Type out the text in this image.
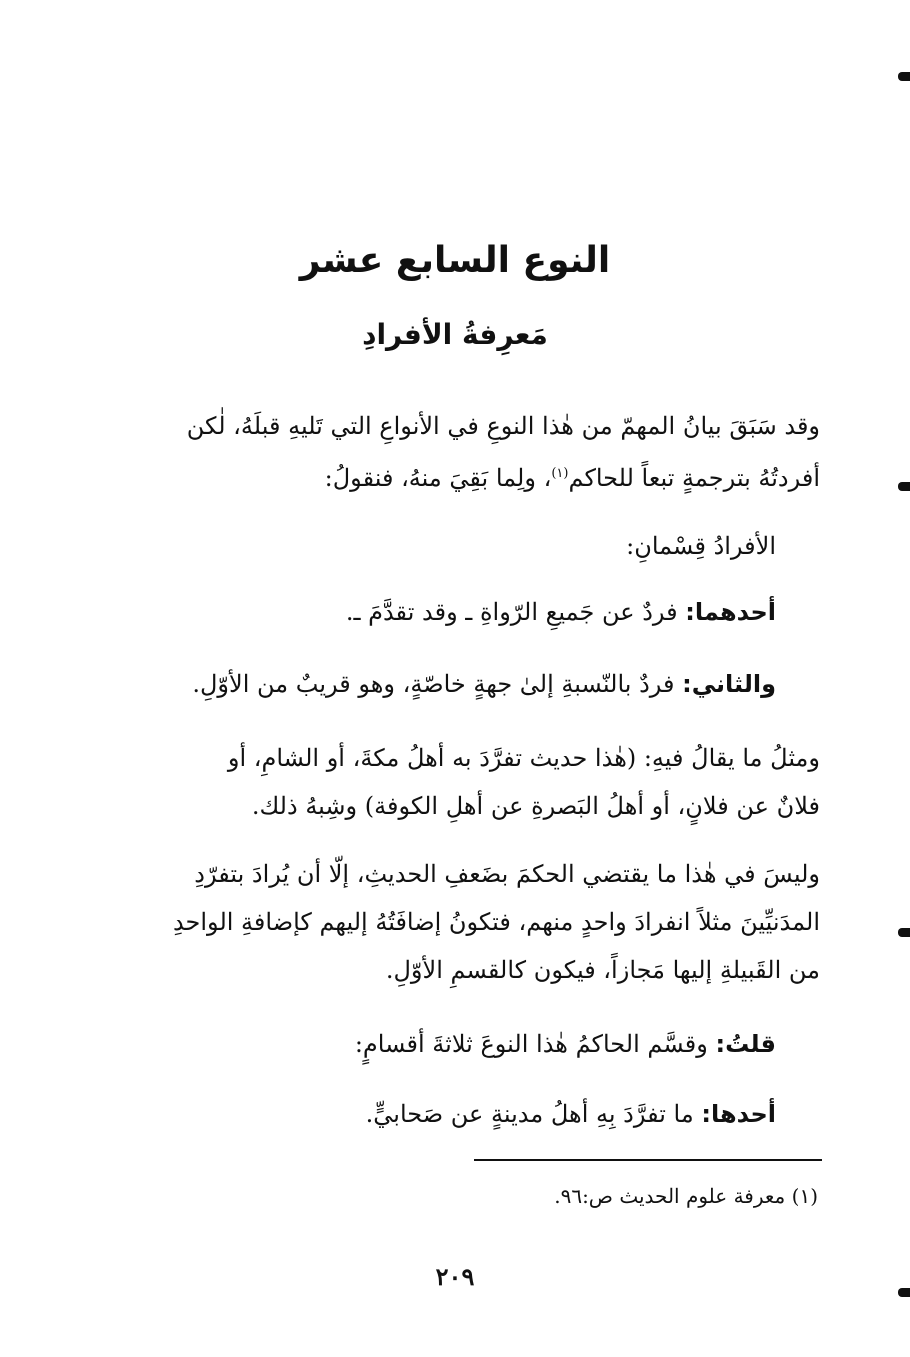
النوع السابع عشر
مَعرِفةُ الأفرادِ
وقد سَبَقَ بيانُ المهمّ من هٰذا النوعِ في الأنواعِ التي تَليهِ قبلَهُ، لٰكن
أفردتُهُ بترجمةٍ تبعاً للحاكم$^{(١)}$، ولِما بَقِيَ منهُ، فنقولُ:
الأفرادُ قِسْمانِ:
أحدهما: فردٌ عن جَميعِ الرّواةِ ـ وقد تقدَّمَ ـ.
والثاني: فردٌ بالنّسبةِ إلىٰ جهةٍ خاصّةٍ، وهو قريبٌ من الأوّلِ.
ومثلُ ما يقالُ فيهِ: (هٰذا حديث تفرَّدَ به أهلُ مكةَ، أو الشامِ، أو
فلانٌ عن فلانٍ، أو أهلُ البَصرةِ عن أهلِ الكوفة) وشِبهُ ذلك.
وليسَ في هٰذا ما يقتضي الحكمَ بضَعفِ الحديثِ، إلّا أن يُرادَ بتفرّدِ
المدَنيِّينَ مثلاً انفرادَ واحدٍ منهم، فتكونُ إضافَتُهُ إليهم كإضافةِ الواحدِ
من القَبيلةِ إليها مَجازاً، فيكون كالقسمِ الأوّلِ.
قلتُ: وقسَّم الحاكمُ هٰذا النوعَ ثلاثةَ أقسامٍ:
أحدها: ما تفرَّدَ بِهِ أهلُ مدينةٍ عن صَحابيٍّ.
(١) معرفة علوم الحديث ص:٩٦.
٢٠٩
